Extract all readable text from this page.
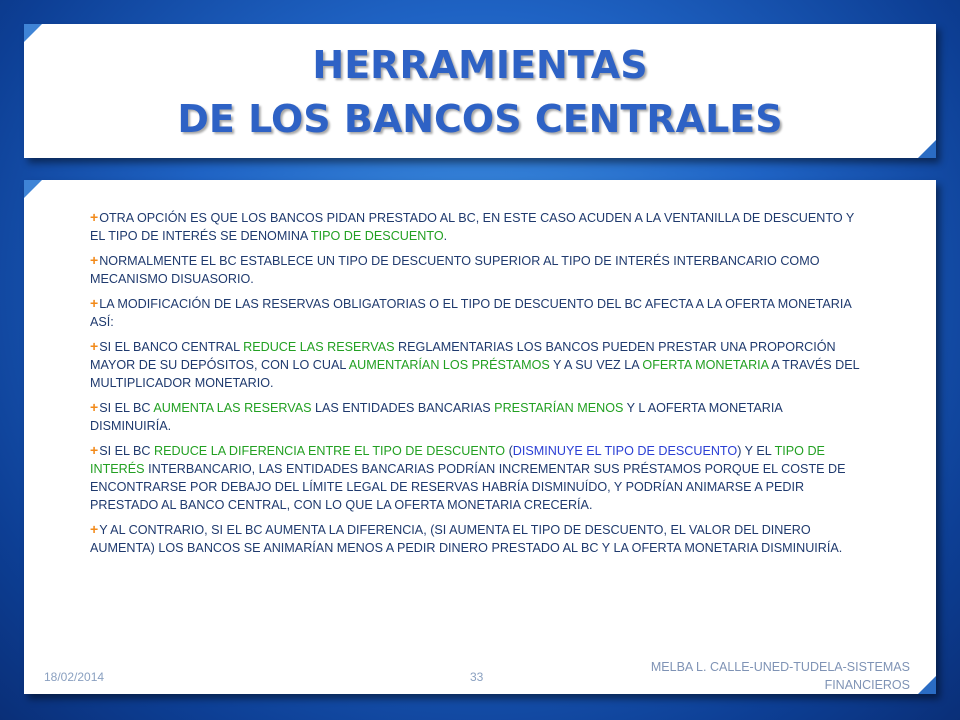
HERRAMIENTAS
DE LOS BANCOS CENTRALES
+OTRA OPCIÓN ES QUE LOS BANCOS PIDAN PRESTADO AL BC, EN ESTE CASO ACUDEN A LA VENTANILLA DE DESCUENTO Y EL TIPO DE INTERÉS SE DENOMINA TIPO DE DESCUENTO.
+NORMALMENTE EL BC ESTABLECE UN TIPO DE DESCUENTO SUPERIOR AL TIPO DE INTERÉS INTERBANCARIO COMO MECANISMO DISUASORIO.
+LA MODIFICACIÓN DE LAS RESERVAS OBLIGATORIAS O EL TIPO DE DESCUENTO DEL BC AFECTA A LA OFERTA MONETARIA ASÍ:
+SI EL BANCO CENTRAL REDUCE LAS RESERVAS REGLAMENTARIAS LOS BANCOS PUEDEN PRESTAR UNA PROPORCIÓN MAYOR DE SU DEPÓSITOS, CON LO CUAL AUMENTARÍAN LOS PRÉSTAMOS Y A SU VEZ LA OFERTA MONETARIA A TRAVÉS DEL MULTIPLICADOR MONETARIO.
+SI EL BC AUMENTA LAS RESERVAS LAS ENTIDADES BANCARIAS PRESTARÍAN MENOS Y L AOFERTA MONETARIA DISMINUIRÍA.
+SI EL BC REDUCE LA DIFERENCIA ENTRE EL TIPO DE DESCUENTO (DISMINUYE EL TIPO DE DESCUENTO) Y EL TIPO DE INTERÉS INTERBANCARIO, LAS ENTIDADES BANCARIAS PODRÍAN INCREMENTAR SUS PRÉSTAMOS PORQUE EL COSTE DE ENCONTRARSE POR DEBAJO DEL LÍMITE LEGAL DE RESERVAS HABRÍA DISMINUÍDO, Y PODRÍAN ANIMARSE A PEDIR PRESTADO AL BANCO CENTRAL, CON LO QUE LA OFERTA MONETARIA CRECERÍA.
+Y AL CONTRARIO, SI EL BC AUMENTA LA DIFERENCIA, (SI AUMENTA EL TIPO DE DESCUENTO, EL VALOR DEL DINERO AUMENTA) LOS BANCOS SE ANIMARÍAN MENOS A PEDIR DINERO PRESTADO AL BC Y LA OFERTA MONETARIA DISMINUIRÍA.
18/02/2014	33
MELBA L. CALLE-UNED-TUDELA-SISTEMAS FINANCIEROS
